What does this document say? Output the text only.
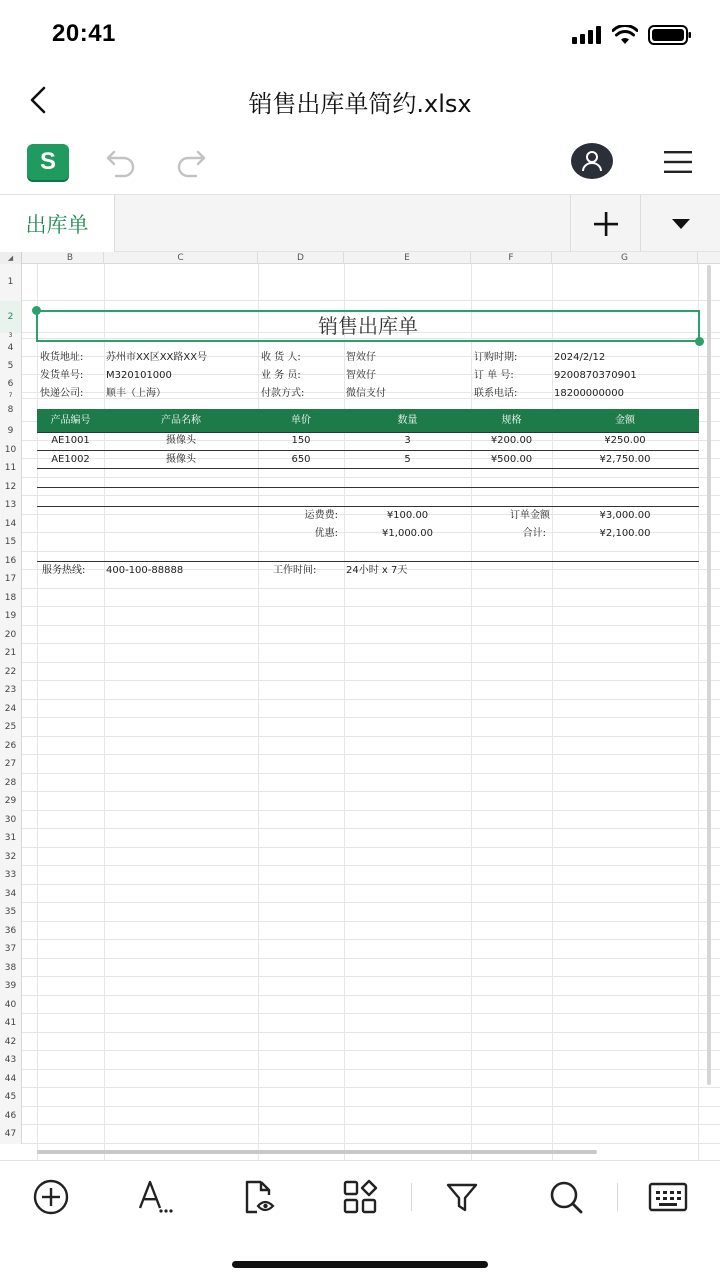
20:41
销售出库单简约.xlsx
S
出库单
◢	B	C	D	E	F	G
1
2
3
4
5
6
7
8
9
10
11
12
13
14
15
16
17
18
19
20
21
22
23
24
25
26
27
28
29
30
31
32
33
34
35
36
37
38
39
40
41
42
43
44
45
46
47
销售出库单
收货地址: 苏州市XX区XX路XX号	收 货 人:	智效仔	订购时期:	2024/2/12
发货单号: M320101000	业 务 员:	智效仔	订 单 号:	9200870370901
快递公司: 顺丰（上海）	付款方式:	微信支付	联系电话:	18200000000
产品编号	产品名称	单价	数量	规格	金额
AE1001	摄像头	150	3	¥200.00	¥250.00
AE1002	摄像头	650	5	¥500.00	¥2,750.00
运费费:	¥100.00	订单金额	¥3,000.00
优惠:	¥1,000.00	合计:	¥2,100.00
服务热线: 400-100-88888	工作时间:	24小时 x 7天
